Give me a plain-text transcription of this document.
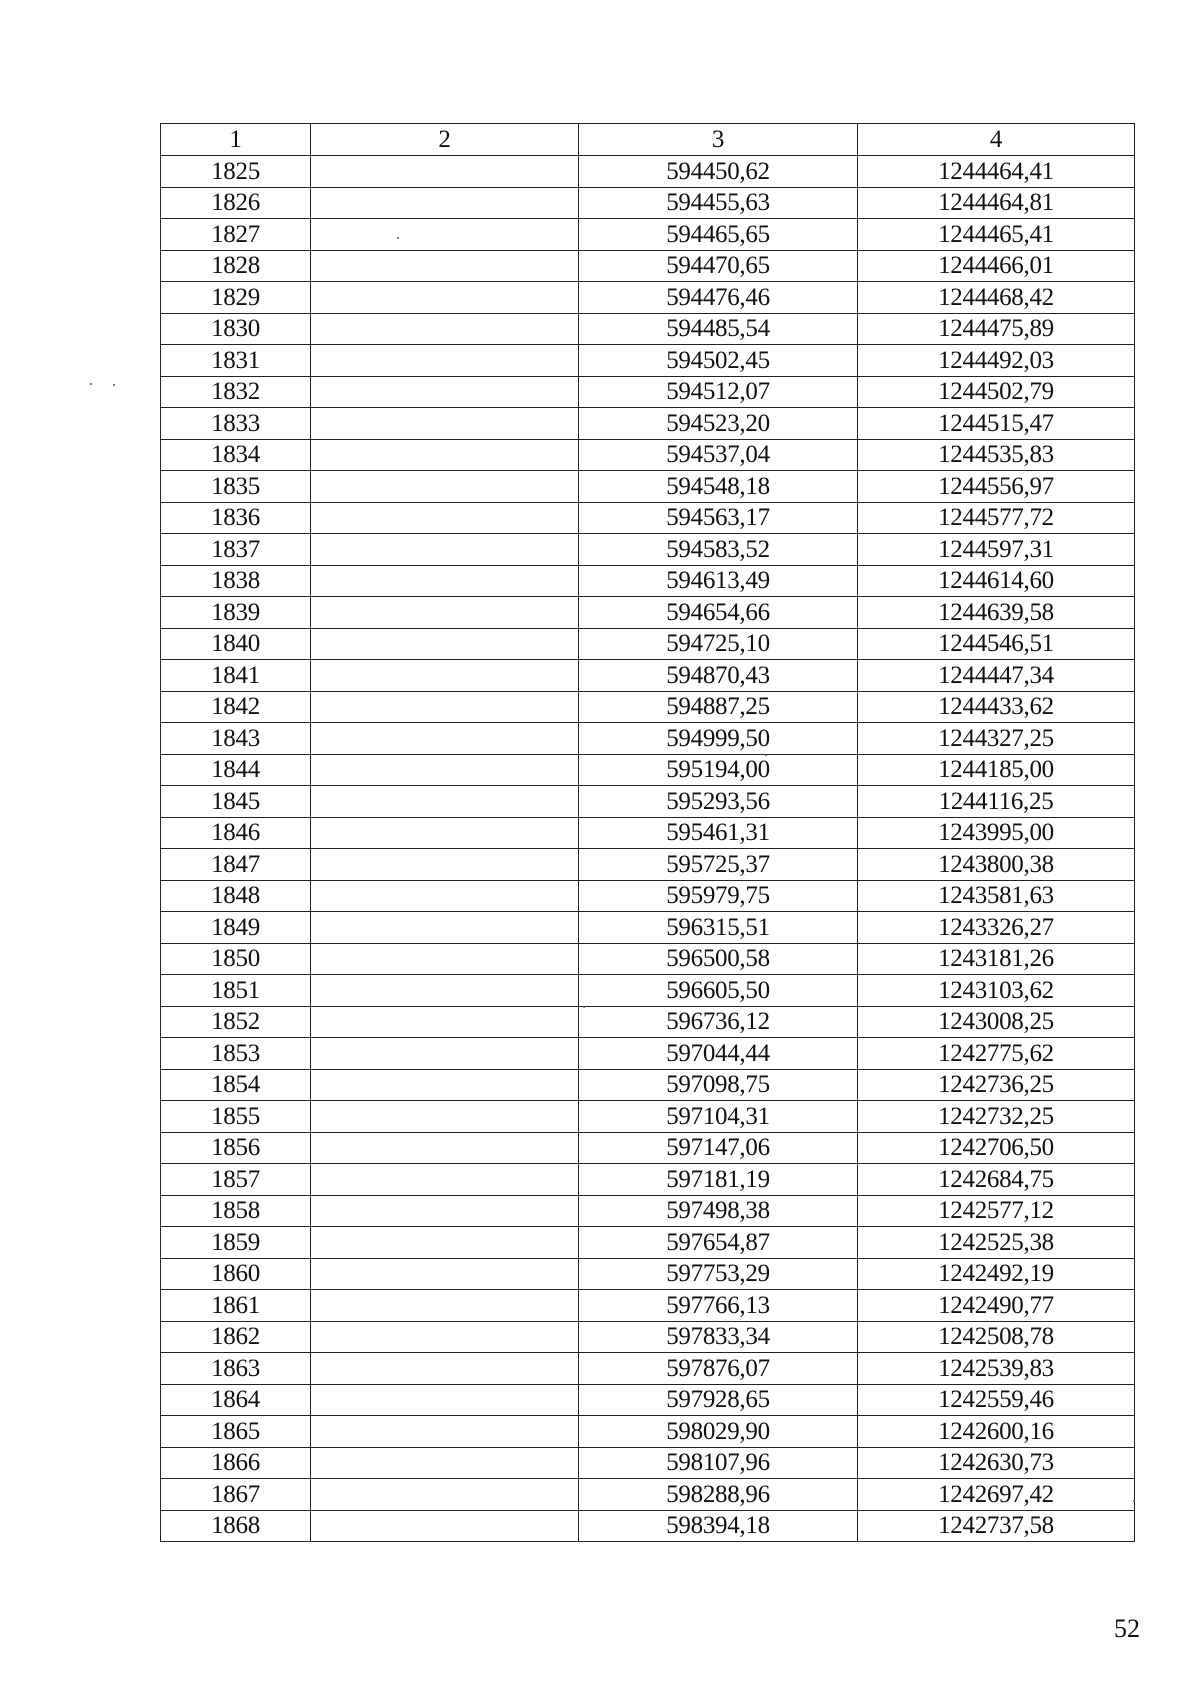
1	2	3	4
1825		594450,62	1244464,41
1826		594455,63	1244464,81
1827		594465,65	1244465,41
1828		594470,65	1244466,01
1829		594476,46	1244468,42
1830		594485,54	1244475,89
1831		594502,45	1244492,03
1832		594512,07	1244502,79
1833		594523,20	1244515,47
1834		594537,04	1244535,83
1835		594548,18	1244556,97
1836		594563,17	1244577,72
1837		594583,52	1244597,31
1838		594613,49	1244614,60
1839		594654,66	1244639,58
1840		594725,10	1244546,51
1841		594870,43	1244447,34
1842		594887,25	1244433,62
1843		594999,50	1244327,25
1844		595194,00	1244185,00
1845		595293,56	1244116,25
1846		595461,31	1243995,00
1847		595725,37	1243800,38
1848		595979,75	1243581,63
1849		596315,51	1243326,27
1850		596500,58	1243181,26
1851		596605,50	1243103,62
1852		596736,12	1243008,25
1853		597044,44	1242775,62
1854		597098,75	1242736,25
1855		597104,31	1242732,25
1856		597147,06	1242706,50
1857		597181,19	1242684,75
1858		597498,38	1242577,12
1859		597654,87	1242525,38
1860		597753,29	1242492,19
1861		597766,13	1242490,77
1862		597833,34	1242508,78
1863		597876,07	1242539,83
1864		597928,65	1242559,46
1865		598029,90	1242600,16
1866		598107,96	1242630,73
1867		598288,96	1242697,42
1868		598394,18	1242737,58
52
